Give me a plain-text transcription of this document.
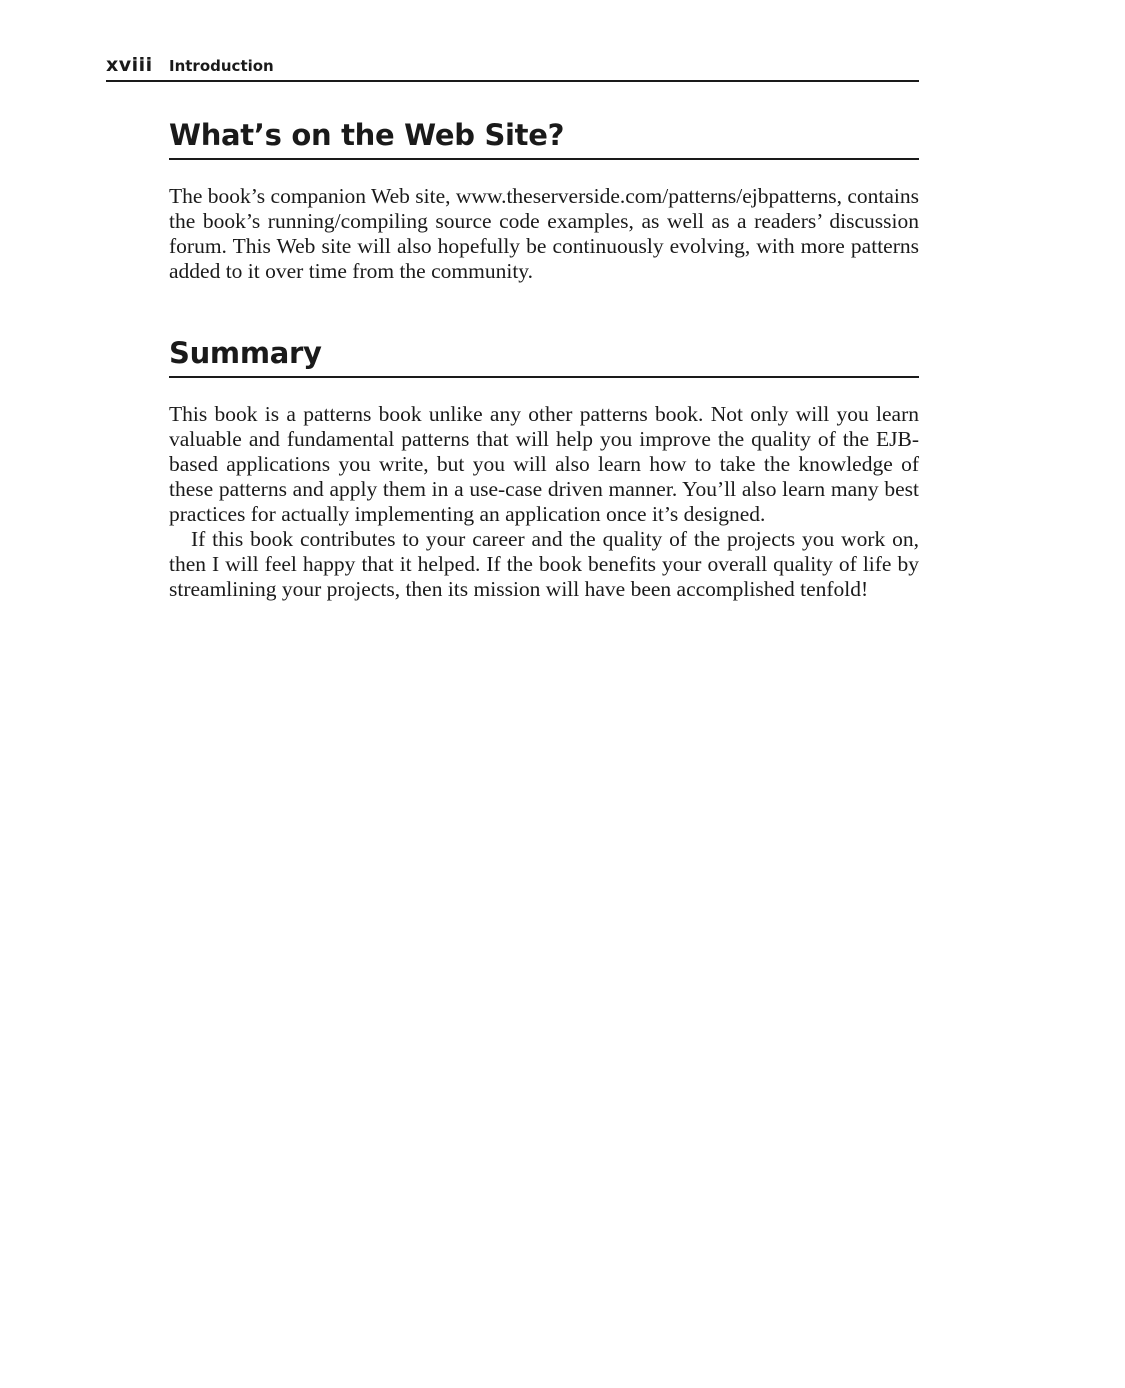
xviii Introduction
What’s on the Web Site?

The book’s companion Web site, www.theserverside.com/patterns/ejbpatterns, contains the book’s running/compiling source code examples, as well as a readers’ discussion forum. This Web site will also hopefully be continuously evolving, with more patterns added to it over time from the community.

Summary

This book is a patterns book unlike any other patterns book. Not only will you learn valuable and fundamental patterns that will help you improve the quality of the EJB-based applications you write, but you will also learn how to take the knowledge of these patterns and apply them in a use-case driven manner. You’ll also learn many best practices for actually implementing an application once it’s designed.

If this book contributes to your career and the quality of the projects you work on, then I will feel happy that it helped. If the book benefits your overall quality of life by streamlining your projects, then its mission will have been accomplished tenfold!
